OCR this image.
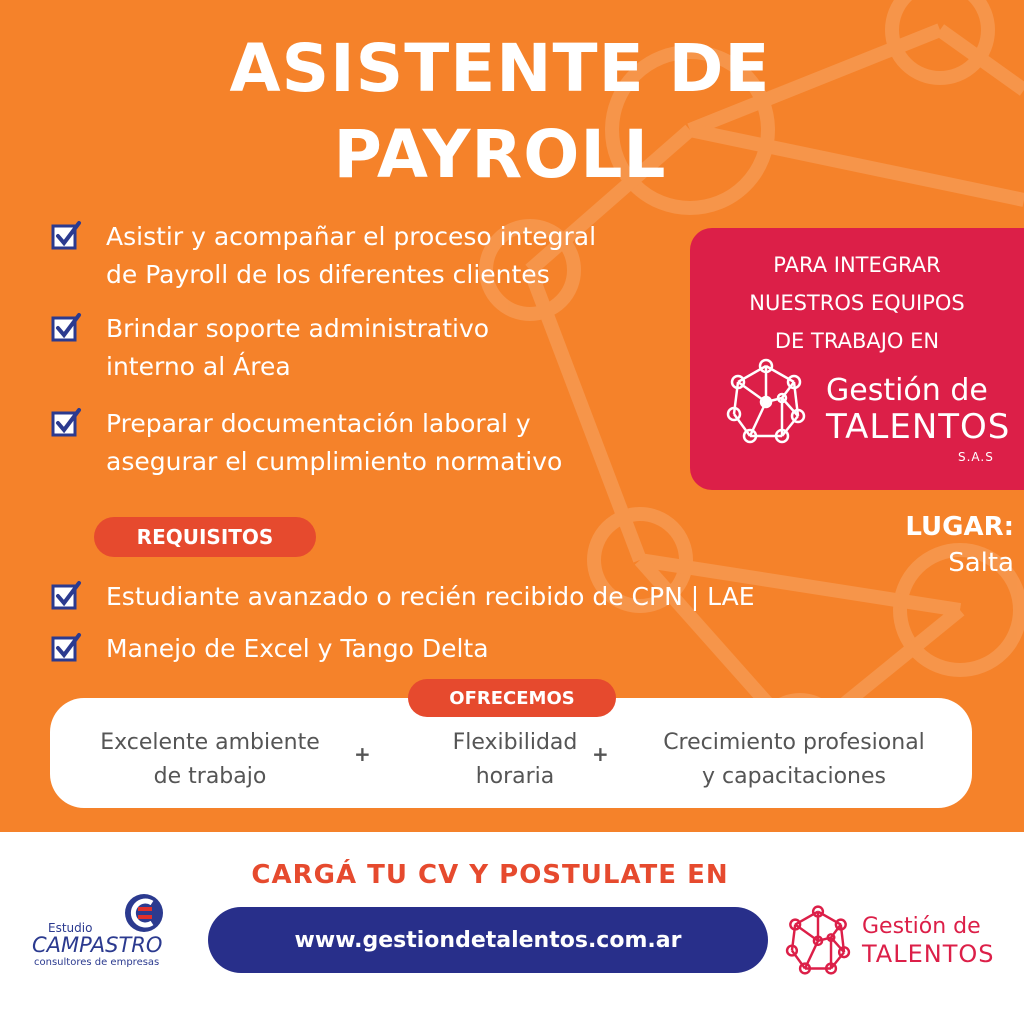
ASISTENTE DE
PAYROLL
Asistir y acompañar el proceso integral
de Payroll de los diferentes clientes
Brindar soporte administrativo
interno al Área
Preparar documentación laboral y
asegurar el cumplimiento normativo
REQUISITOS
Estudiante avanzado o recién recibido de CPN | LAE
Manejo de Excel y Tango Delta
PARA INTEGRAR
NUESTROS EQUIPOS
DE TRABAJO EN
Gestión de
TALENTOS
S.A.S
LUGAR:
Salta
Excelente ambiente
de trabajo
+	Flexibilidad
horaria
+	Crecimiento profesional
y capacitaciones
OFRECEMOS
CARGÁ TU CV Y POSTULATE EN
www.gestiondetalentos.com.ar
Estudio
CAMPASTRO
consultores de empresas
Gestión de
TALENTOS
